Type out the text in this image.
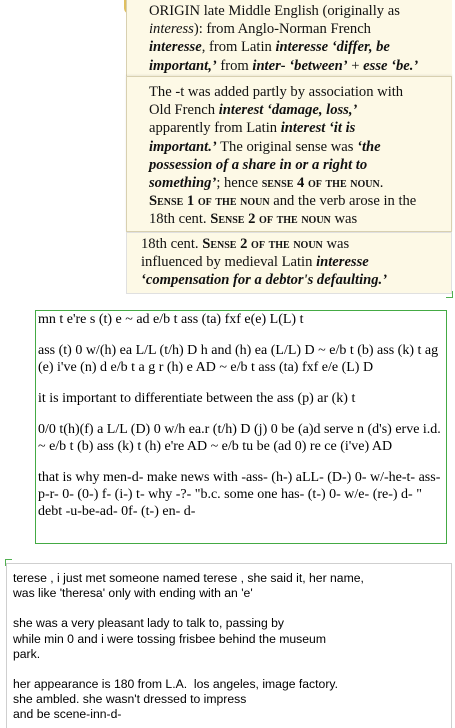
ORIGIN late Middle English (originally as

interess): from Anglo-Norman French

interesse, from Latin interesse ‘differ, be

important,’ from inter- ‘between’ + esse ‘be.’

The -t was added partly by association with

Old French interest ‘damage, loss,’

apparently from Latin interest ‘it is

important.’ The original sense was ‘the

possession of a share in or a right to

something’; hence sense 4 of the noun.

Sense 1 of the noun and the verb arose in the

18th cent. Sense 2 of the noun was

18th cent. Sense 2 of the noun was

influenced by medieval Latin interesse

‘compensation for a debtor's defaulting.’

mn t e're s (t) e ~ ad e/b t ass (ta) fxf e(e) L(L) t

ass (t) 0 w/(h) ea L/L (t/h) D h and (h) ea (L/L) D ~ e/b t (b) ass (k) t ag (e) i've (n) d e/b t a g r (h) e AD ~ e/b t ass (ta) fxf e/e (L) D

it is important to differentiate between the ass (p) ar (k) t

0/0 t(h)(f) a L/L (D) 0 w/h ea.r (t/h) D (j) 0 be (a)d serve n (d's) erve i.d. ~ e/b t (b) ass (k) t (h) e're AD ~ e/b tu be (ad 0) re ce (i've) AD

that is why men-d- make news with -ass- (h-) aLL- (D-) 0- w/-he-t- ass- p-r- 0- (0-) f- (i-) t- why -?- "b.c. some one has- (t-) 0- w/e- (re-) d- " debt -u-be-ad- 0f- (t-) en- d-

terese , i just met someone named terese , she said it, her name,
was like 'theresa' only with ending with an 'e'

she was a very pleasant lady to talk to, passing by
while min 0 and i were tossing frisbee behind the museum
park.

her appearance is 180 from L.A.  los angeles, image factory.
she ambled. she wasn't dressed to impress
and be scene-inn-d-
